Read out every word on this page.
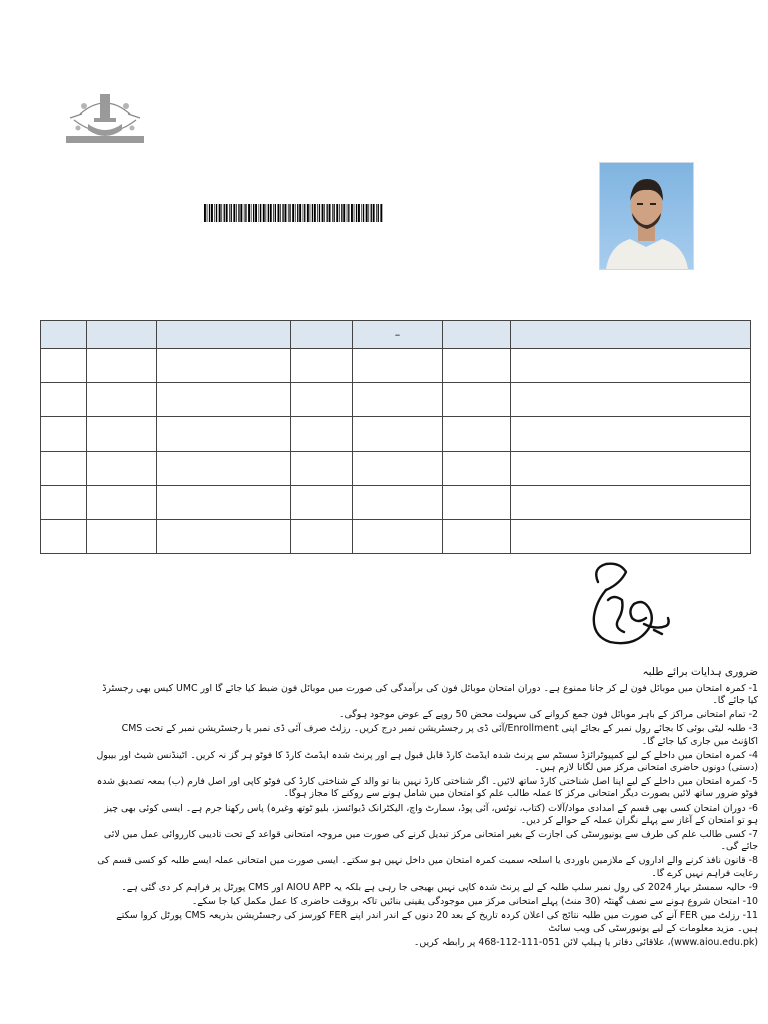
				–		

ضروری ہدایات برائے طلبہ

1- کمرہ امتحان میں موبائل فون لے کر جانا ممنوع ہے۔ دوران امتحان موبائل فون کی برآمدگی کی صورت میں موبائل فون ضبط کیا جائے گا اور UMC کیس بھی رجسٹرڈ کیا جائے گا۔

2- تمام امتحانی مراکز کے باہر موبائل فون جمع کروانے کی سہولت محض 50 روپے کے عوض موجود ہوگی۔

3- طلبہ لیٹی بوئی کا بجائے رول نمبر کے بجائے اپنی Enrollment/آئی ڈی پر رجسٹریشن نمبر درج کریں۔ رزلٹ صرف آئی ڈی نمبر یا رجسٹریشن نمبر کے تحت CMS اکاؤنٹ میں جاری کیا جائے گا۔

4- کمرہ امتحان میں داخلے کے لیے کمپیوٹرائزڈ سسٹم سے پرنٹ شدہ ایڈمٹ کارڈ قابل قبول ہے اور پرنٹ شدہ ایڈمٹ کارڈ کا فوٹو ہر گز نہ کریں۔ اٹینڈنس شیٹ اور بیبول (دستی) دونوں حاضری امتحانی مرکز میں لگانا لازم ہیں۔

5- کمرہ امتحان میں داخلے کے لیے اپنا اصل شناختی کارڈ ساتھ لائیں۔ اگر شناختی کارڈ نہیں بنا تو والد کے شناختی کارڈ کی فوٹو کاپی اور اصل فارم (ب) بمعہ تصدیق شدہ فوٹو ضرور ساتھ لائیں بصورت دیگر امتحانی مرکز کا عملہ طالب علم کو امتحان میں شامل ہونے سے روکنے کا مجاز ہوگا۔

6- دوران امتحان کسی بھی قسم کے امدادی مواد/آلات (کتاب، نوٹس، آئی پوڈ، سمارٹ واچ، الیکٹرانک ڈیوائسز، بلیو ٹوتھ وغیرہ) پاس رکھنا جرم ہے۔ ایسی کوئی بھی چیز ہو تو امتحان کے آغاز سے پہلے نگران عملہ کے حوالے کر دیں۔

7- کسی طالب علم کی طرف سے یونیورسٹی کی اجازت کے بغیر امتحانی مرکز تبدیل کرنے کی صورت میں مروجہ امتحانی قواعد کے تحت تادیبی کارروائی عمل میں لائی جائے گی۔

8- قانون نافذ کرنے والے اداروں کے ملازمین باوردی یا اسلحہ سمیت کمرہ امتحان میں داخل نہیں ہو سکتے۔ ایسی صورت میں امتحانی عملہ ایسے طلبہ کو کسی قسم کی رعایت فراہم نہیں کرے گا۔

9- حالیہ سمسٹر بہار 2024 کی رول نمبر سلپ طلبہ کے لیے پرنٹ شدہ کاپی نہیں بھیجی جا رہی ہے بلکہ یہ AIOU APP اور CMS پورٹل پر فراہم کر دی گئی ہے۔

10- امتحان شروع ہونے سے نصف گھنٹہ (30 منٹ) پہلے امتحانی مرکز میں موجودگی یقینی بنائیں تاکہ بروقت حاضری کا عمل مکمل کیا جا سکے۔

11- رزلٹ میں FER آنے کی صورت میں طلبہ نتائج کی اعلان کردہ تاریخ کے بعد 20 دنوں کے اندر اندر اپنے FER کورسز کی رجسٹریشن بذریعہ CMS پورٹل کروا سکتے ہیں۔ مزید معلومات کے لیے یونیورسٹی کی ویب سائٹ

(www.aiou.edu.pk)، علاقائی دفاتر یا ہیلپ لائن 051-111-112-468 پر رابطہ کریں۔
